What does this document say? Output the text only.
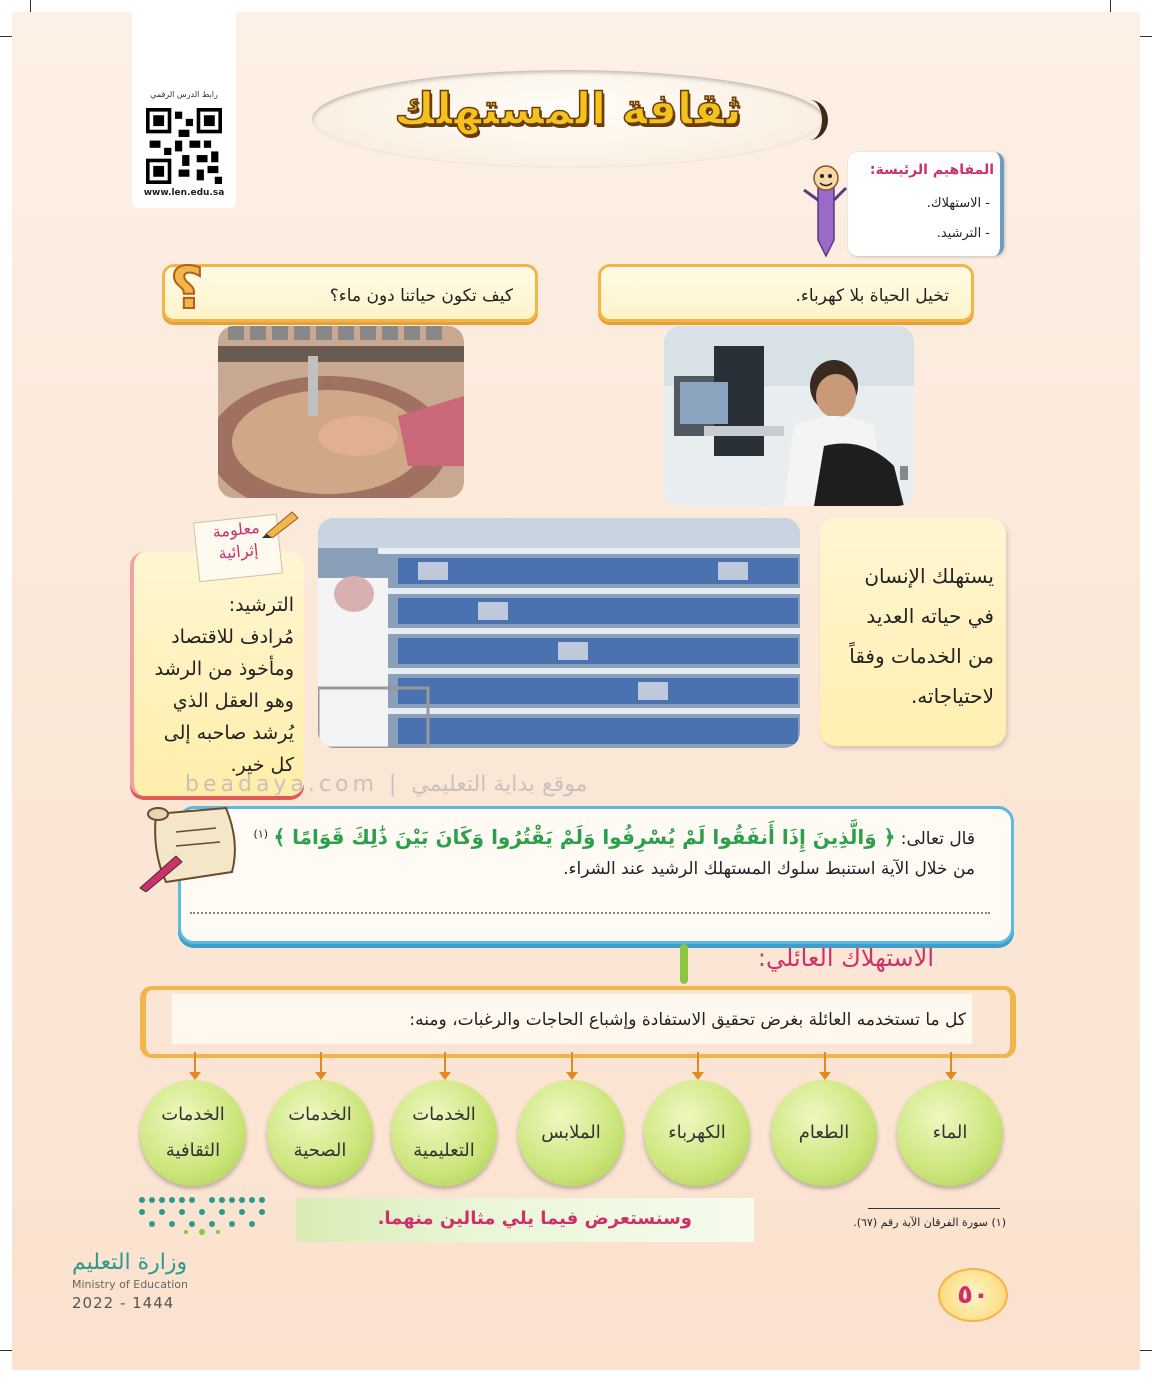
رابط الدرس الرقمي
www.len.edu.sa
ثقافة المستهلك
المفاهيم الرئيسة:
- الاستهلاك.
- الترشيد.
تخيل الحياة بلا كهرباء.
كيف تكون حياتنا دون ماء؟
؟
يستهلك الإنسان
في حياته العديد
من الخدمات وفقاً
لاحتياجاته.
الترشيد:
مُرادف للاقتصاد
ومأخوذ من الرشد
وهو العقل الذي
يُرشد صاحبه إلى
كل خير.
معلومة
إثرائية
beadaya.com | موقع بداية التعليمي
قال تعالى: ﴿ وَالَّذِينَ إِذَا أَنفَقُوا لَمْ يُسْرِفُوا وَلَمْ يَقْتُرُوا وَكَانَ بَيْنَ ذَٰلِكَ قَوَامًا ﴾ $^{(١)}$
من خلال الآية استنبط سلوك المستهلك الرشيد عند الشراء.
الاستهلاك العائلي:
كل ما تستخدمه العائلة بغرض تحقيق الاستفادة وإشباع الحاجات والرغبات، ومنه:
الماء
الطعام
الكهرباء
الملابس
الخدمات
التعليمية
الخدمات
الصحية
الخدمات
الثقافية
وزارة التعليم
Ministry of Education
2022 - 1444
وسنستعرض فيما يلي مثالين منهما.	(١) سورة الفرقان الآية رقم (٦٧).
٥٠
